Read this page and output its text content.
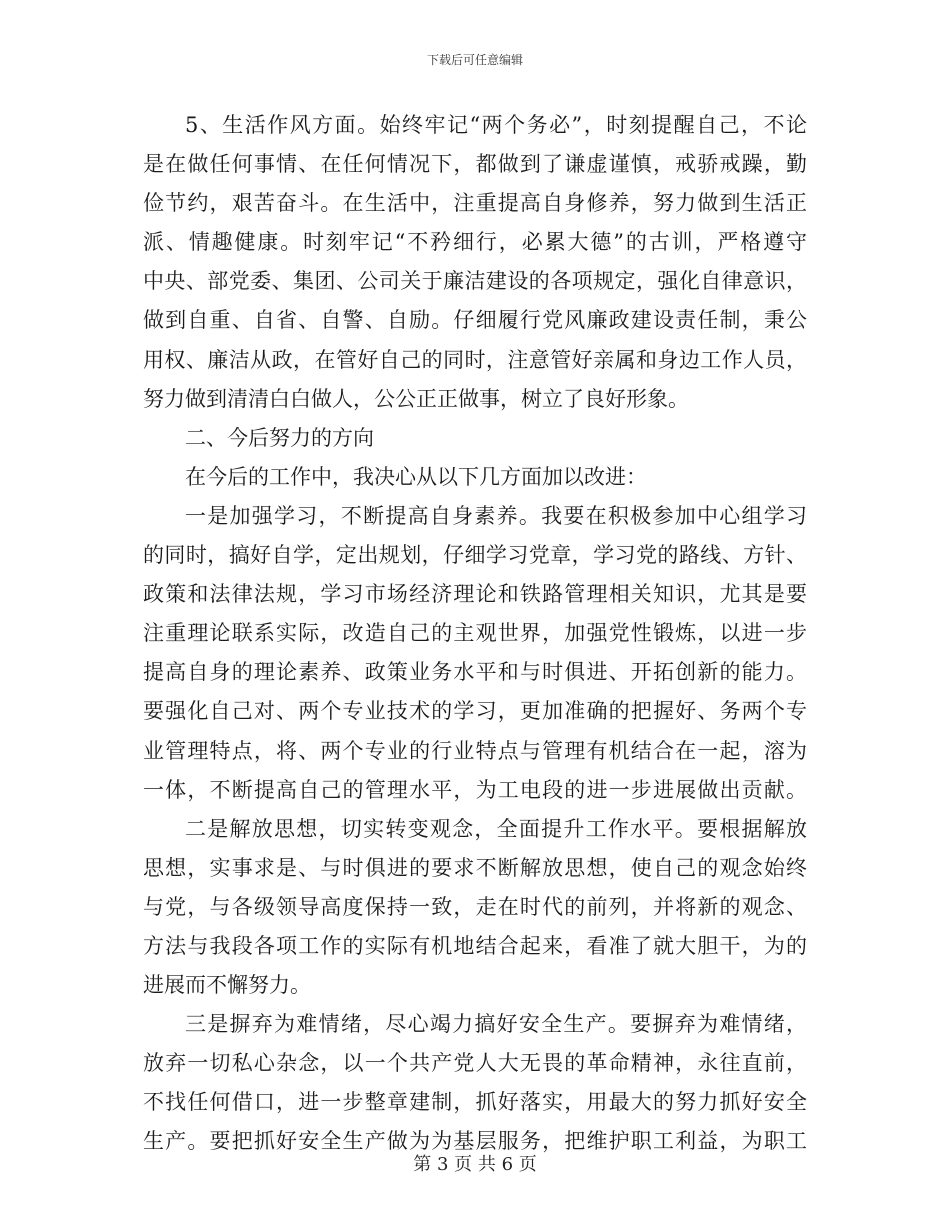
下载后可任意编辑
5、生活作风方面。始终牢记“两个务必”，时刻提醒自己，不论
是在做任何事情、在任何情况下，都做到了谦虚谨慎，戒骄戒躁，勤
俭节约，艰苦奋斗。在生活中，注重提高自身修养，努力做到生活正
派、情趣健康。时刻牢记“不矜细行，必累大德”的古训，严格遵守
中央、部党委、集团、公司关于廉洁建设的各项规定，强化自律意识，
做到自重、自省、自警、自励。仔细履行党风廉政建设责任制，秉公
用权、廉洁从政，在管好自己的同时，注意管好亲属和身边工作人员，
努力做到清清白白做人，公公正正做事，树立了良好形象。
二、今后努力的方向
在今后的工作中，我决心从以下几方面加以改进：
一是加强学习，不断提高自身素养。我要在积极参加中心组学习
的同时，搞好自学，定出规划，仔细学习党章，学习党的路线、方针、
政策和法律法规，学习市场经济理论和铁路管理相关知识，尤其是要
注重理论联系实际，改造自己的主观世界，加强党性锻炼，以进一步
提高自身的理论素养、政策业务水平和与时俱进、开拓创新的能力。
要强化自己对、两个专业技术的学习，更加准确的把握好、务两个专
业管理特点，将、两个专业的行业特点与管理有机结合在一起，溶为
一体，不断提高自己的管理水平，为工电段的进一步进展做出贡献。
二是解放思想，切实转变观念，全面提升工作水平。要根据解放
思想，实事求是、与时俱进的要求不断解放思想，使自己的观念始终
与党，与各级领导高度保持一致，走在时代的前列，并将新的观念、
方法与我段各项工作的实际有机地结合起来，看准了就大胆干，为的
进展而不懈努力。
三是摒弃为难情绪，尽心竭力搞好安全生产。要摒弃为难情绪，
放弃一切私心杂念，以一个共产党人大无畏的革命精神，永往直前，
不找任何借口，进一步整章建制，抓好落实，用最大的努力抓好安全
生产。要把抓好安全生产做为为基层服务，把维护职工利益，为职工
第 3 页 共 6 页
